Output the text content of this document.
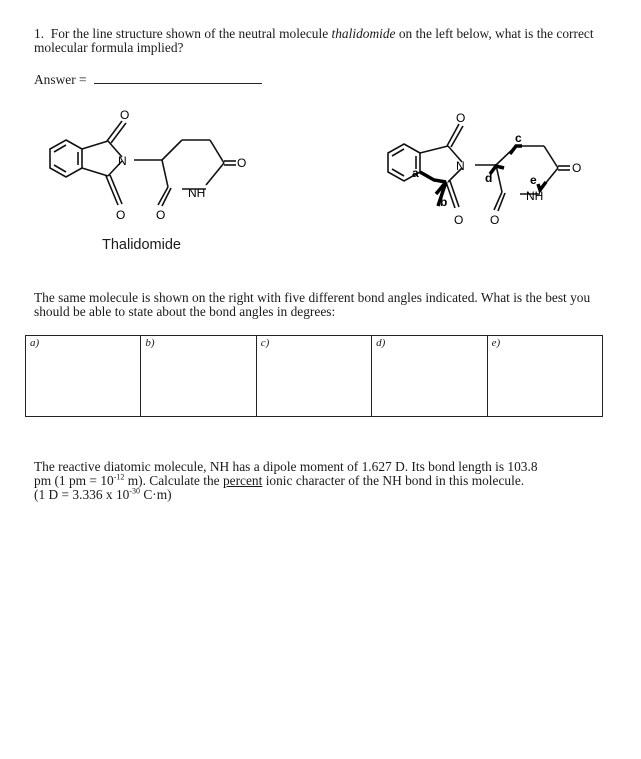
1. For the line structure shown of the neutral molecule thalidomide on the left below, what is the correct molecular formula implied?
Answer =
N
O
O
NH
O	O
Thalidomide
N
O
O
NH
O O
a
b
c
d	e
The same molecule is shown on the right with five different bond angles indicated. What is the best you should be able to state about the bond angles in degrees:
a)	b)	c)	d)	e)
The reactive diatomic molecule, NH has a dipole moment of 1.627 D. Its bond length is 103.8
pm (1 pm = $10^{-12}$ m). Calculate the percent ionic character of the NH bond in this molecule.
(1 D = 3.336 x $10^{-30}$ C·m)
